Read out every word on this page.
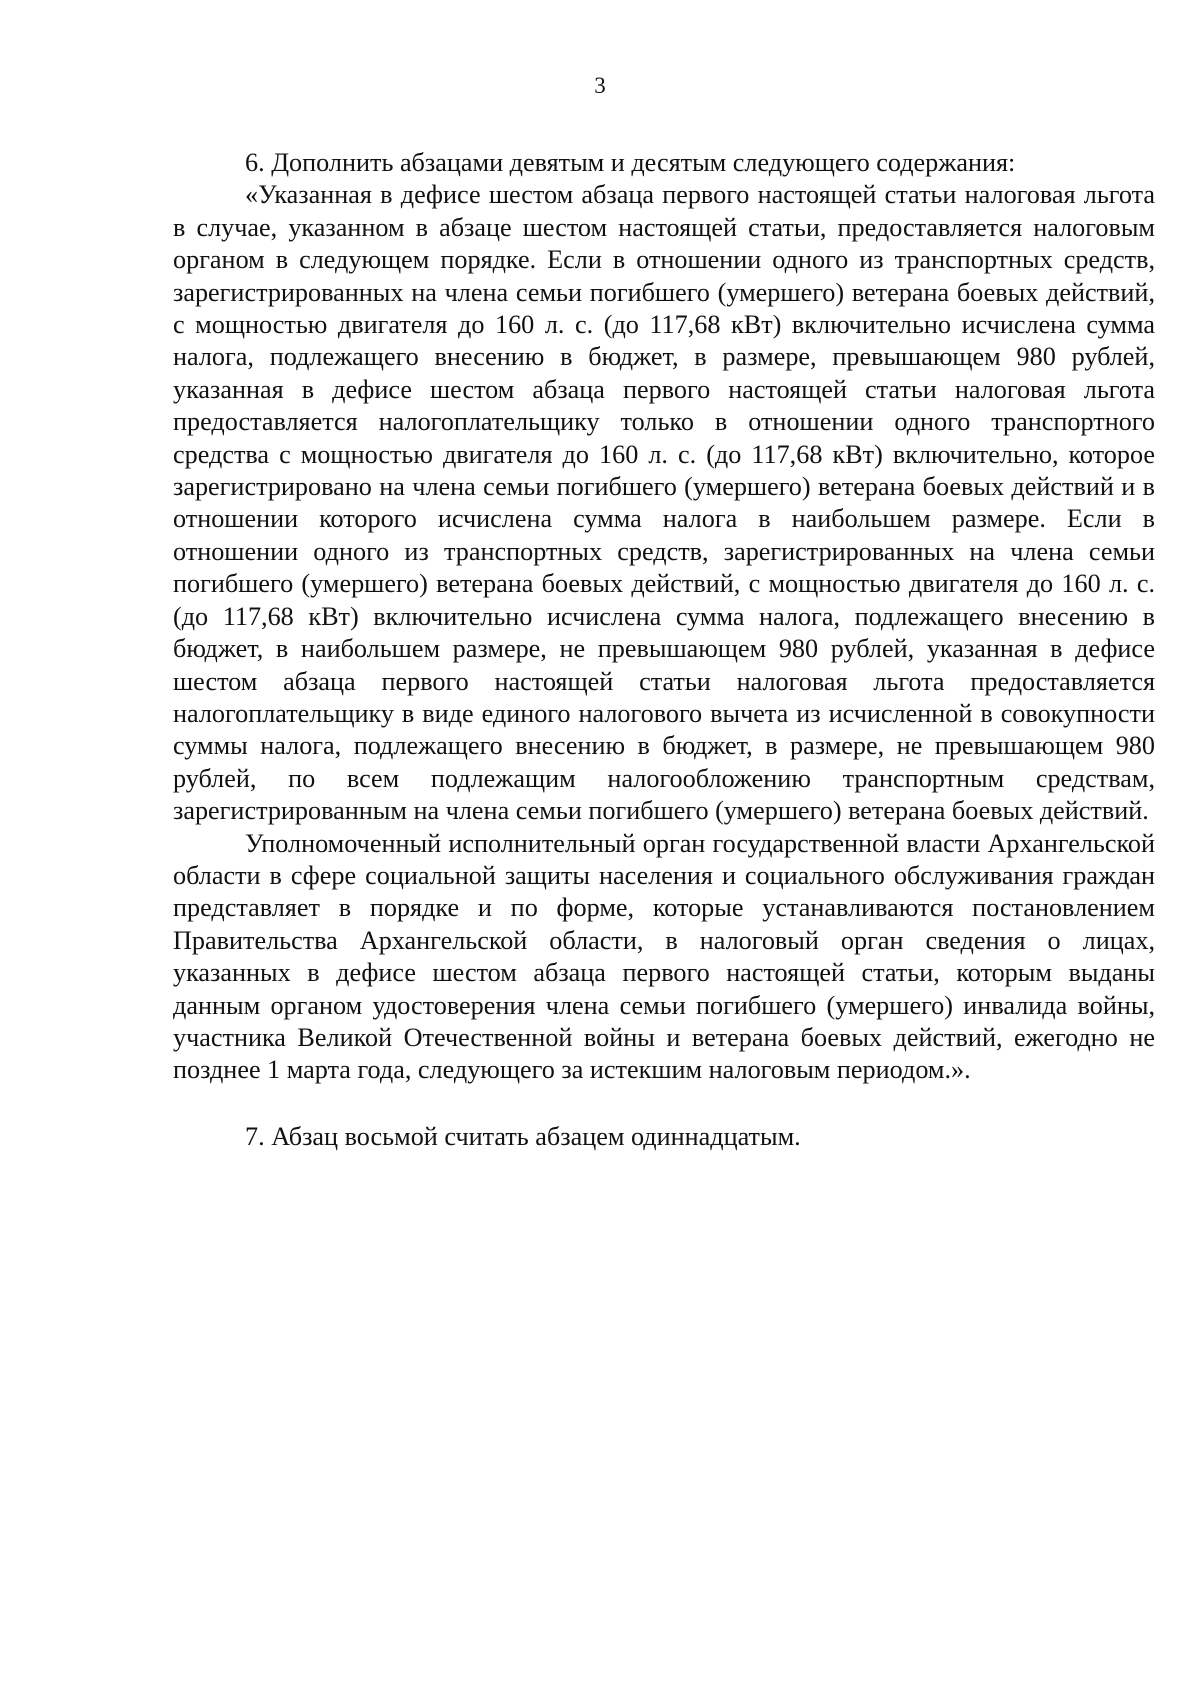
3

6. Дополнить абзацами девятым и десятым следующего содержания:

«Указанная в дефисе шестом абзаца первого настоящей статьи налоговая льгота в случае, указанном в абзаце шестом настоящей статьи, предоставляется налоговым органом в следующем порядке. Если в отношении одного из транспортных средств, зарегистрированных на члена семьи погибшего (умершего) ветерана боевых действий, с мощностью двигателя до 160 л. с. (до 117,68 кВт) включительно исчислена сумма налога, подлежащего внесению в бюджет, в размере, превышающем 980 рублей, указанная в дефисе шестом абзаца первого настоящей статьи налоговая льгота предоставляется налогоплательщику только в отношении одного транспортного средства с мощностью двигателя до 160 л. с. (до 117,68 кВт) включительно, которое зарегистрировано на члена семьи погибшего (умершего) ветерана боевых действий и в отношении которого исчислена сумма налога в наибольшем размере. Если в отношении одного из транспортных средств, зарегистрированных на члена семьи погибшего (умершего) ветерана боевых действий, с мощностью двигателя до 160 л. с. (до 117,68 кВт) включительно исчислена сумма налога, подлежащего внесению в бюджет, в наибольшем размере, не превышающем 980 рублей, указанная в дефисе шестом абзаца первого настоящей статьи налоговая льгота предоставляется налогоплательщику в виде единого налогового вычета из исчисленной в совокупности суммы налога, подлежащего внесению в бюджет, в размере, не превышающем 980 рублей, по всем подлежащим налогообложению транспортным средствам, зарегистрированным на члена семьи погибшего (умершего) ветерана боевых действий.

Уполномоченный исполнительный орган государственной власти Архангельской области в сфере социальной защиты населения и социального обслуживания граждан представляет в порядке и по форме, которые устанавливаются постановлением Правительства Архангельской области, в налоговый орган сведения о лицах, указанных в дефисе шестом абзаца первого настоящей статьи, которым выданы данным органом удостоверения члена семьи погибшего (умершего) инвалида войны, участника Великой Отечественной войны и ветерана боевых действий, ежегодно не позднее 1 марта года, следующего за истекшим налоговым периодом.».

7. Абзац восьмой считать абзацем одиннадцатым.
